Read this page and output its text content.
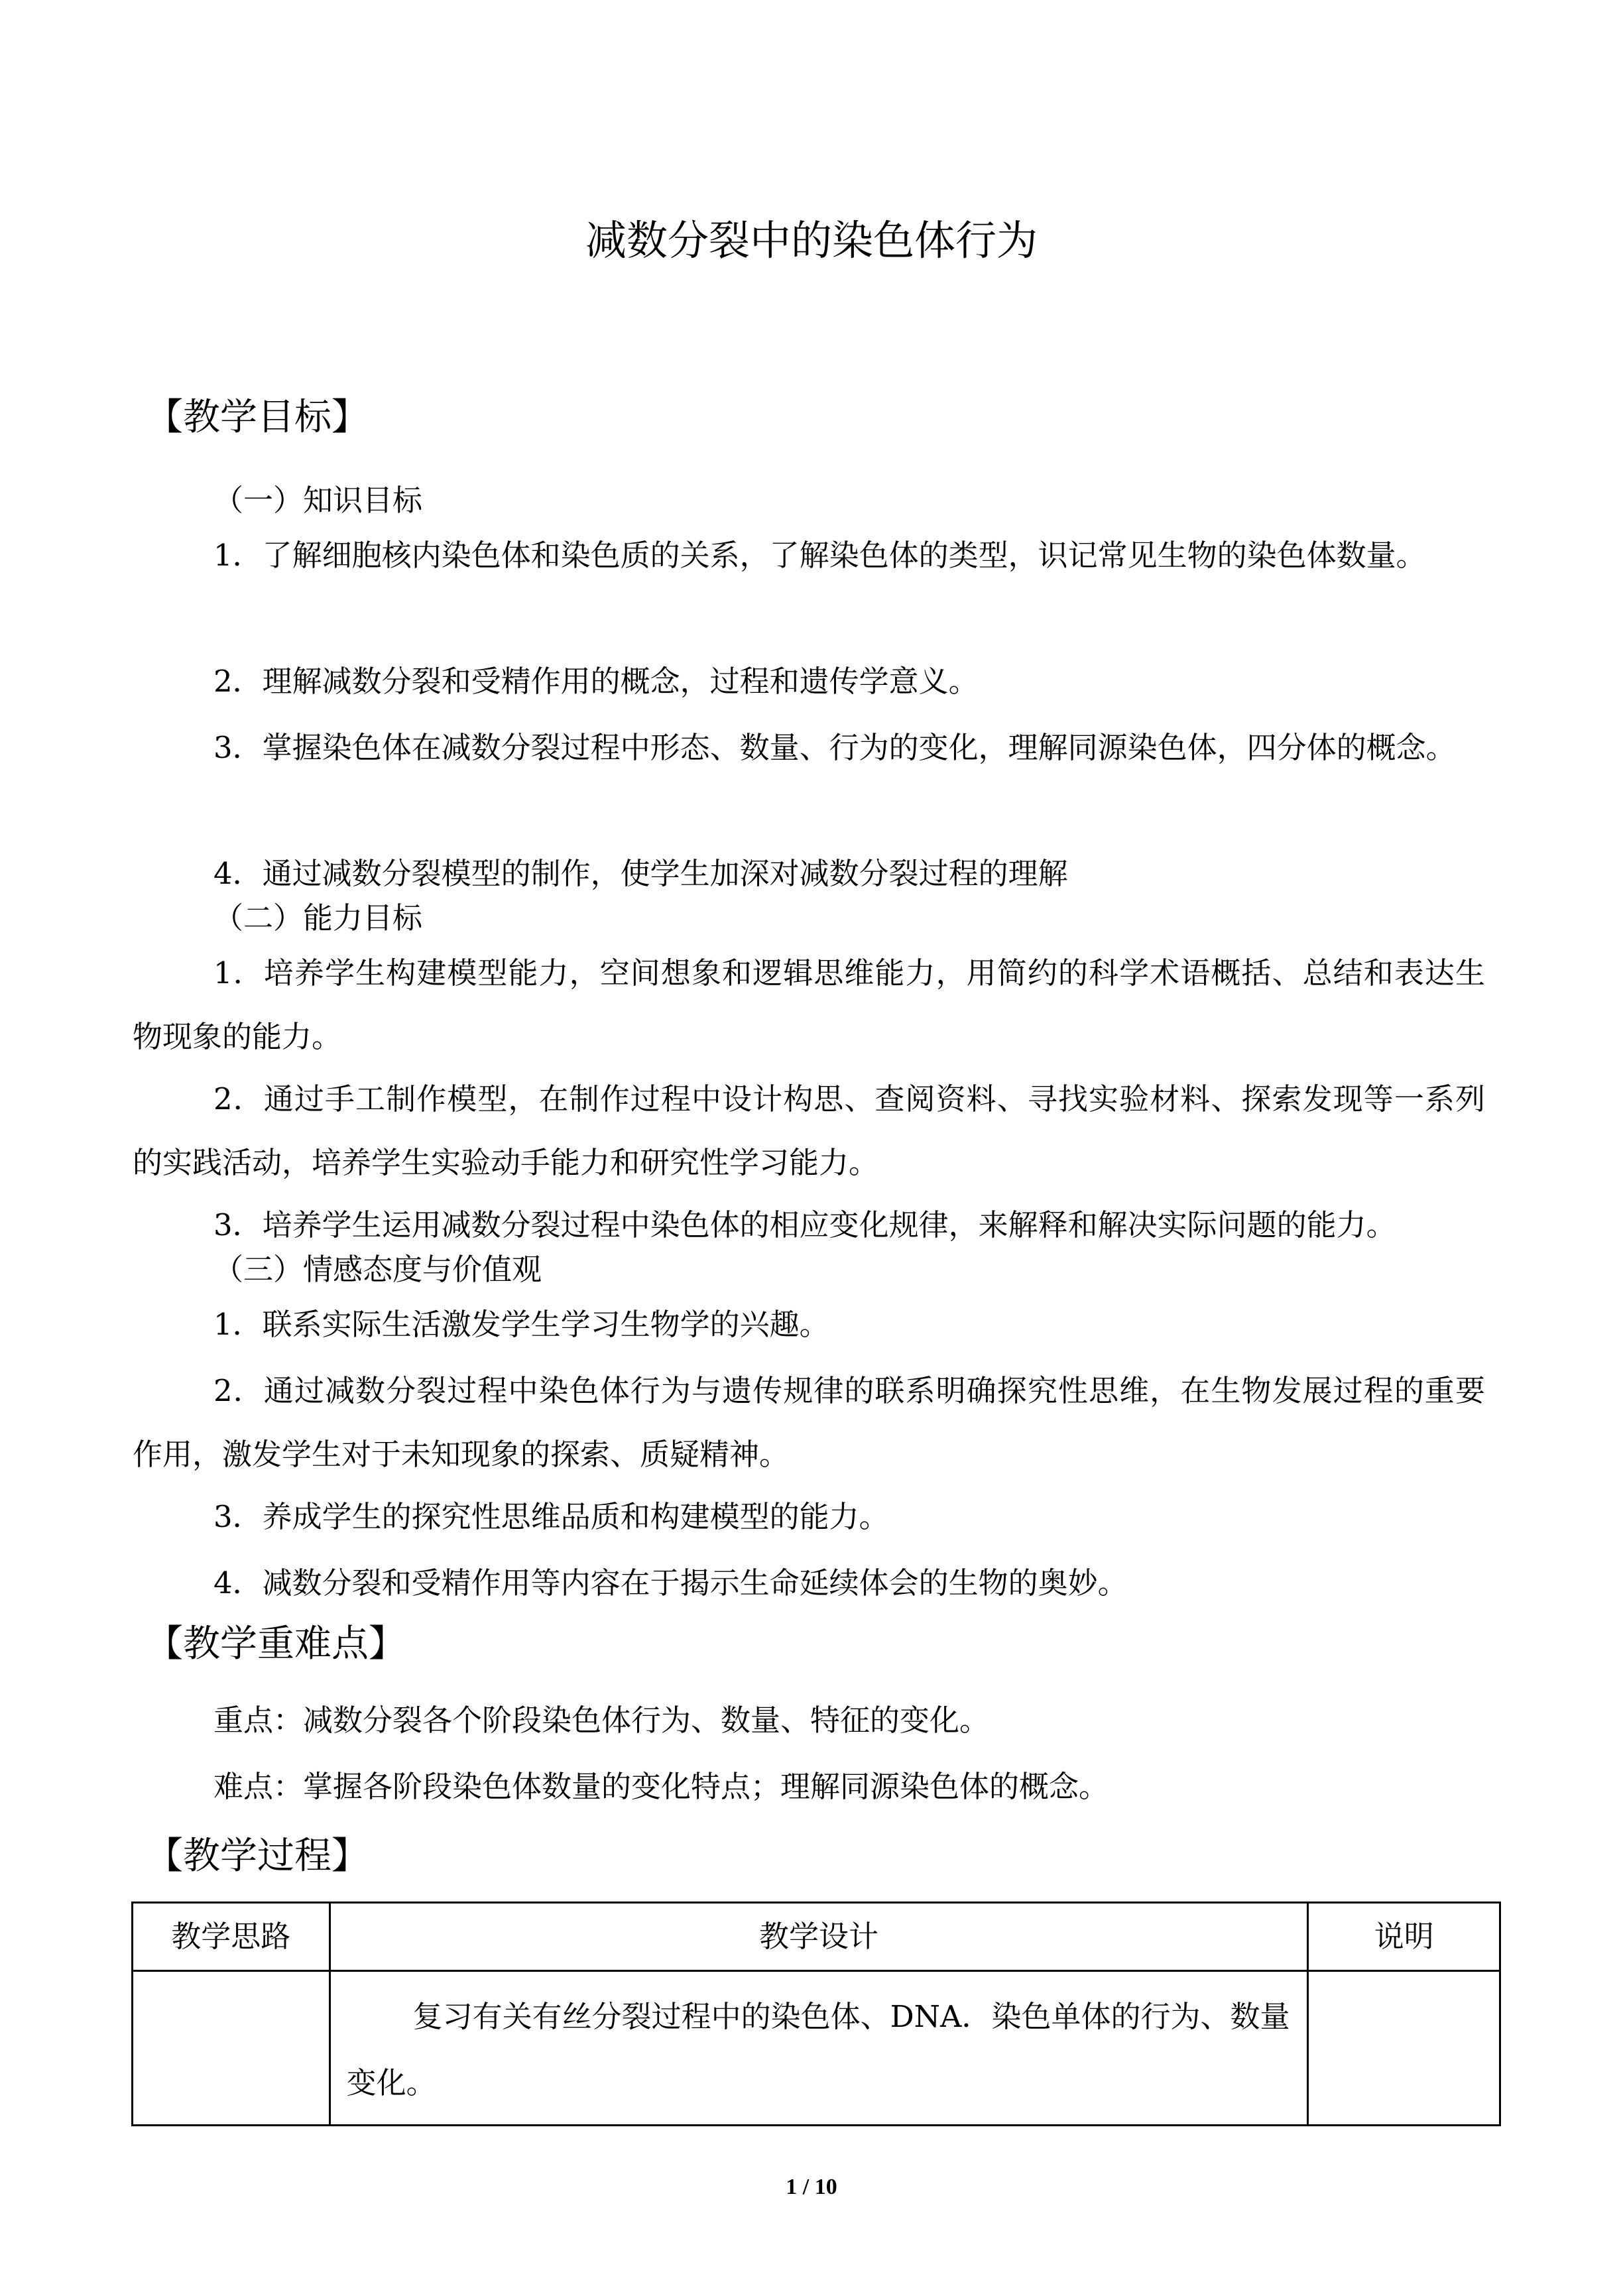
减数分裂中的染色体行为
【教学目标】
（一）知识目标
1．了解细胞核内染色体和染色质的关系，了解染色体的类型，识记常见生物的染色体数量。
2．理解减数分裂和受精作用的概念，过程和遗传学意义。
3．掌握染色体在减数分裂过程中形态、数量、行为的变化，理解同源染色体，四分体的概念。
4．通过减数分裂模型的制作，使学生加深对减数分裂过程的理解
（二）能力目标
1．培养学生构建模型能力，空间想象和逻辑思维能力，用简约的科学术语概括、总结和表达生物现象的能力。
2．通过手工制作模型，在制作过程中设计构思、查阅资料、寻找实验材料、探索发现等一系列的实践活动，培养学生实验动手能力和研究性学习能力。
3．培养学生运用减数分裂过程中染色体的相应变化规律，来解释和解决实际问题的能力。
（三）情感态度与价值观
1．联系实际生活激发学生学习生物学的兴趣。
2．通过减数分裂过程中染色体行为与遗传规律的联系明确探究性思维，在生物发展过程的重要作用，激发学生对于未知现象的探索、质疑精神。
3．养成学生的探究性思维品质和构建模型的能力。
4．减数分裂和受精作用等内容在于揭示生命延续体会的生物的奥妙。
【教学重难点】
重点：减数分裂各个阶段染色体行为、数量、特征的变化。
难点：掌握各阶段染色体数量的变化特点；理解同源染色体的概念。
【教学过程】
教学思路	教学设计	说明

	复习有关有丝分裂过程中的染色体、DNA．染色单体的行为、数量变化。	

1 / 10
